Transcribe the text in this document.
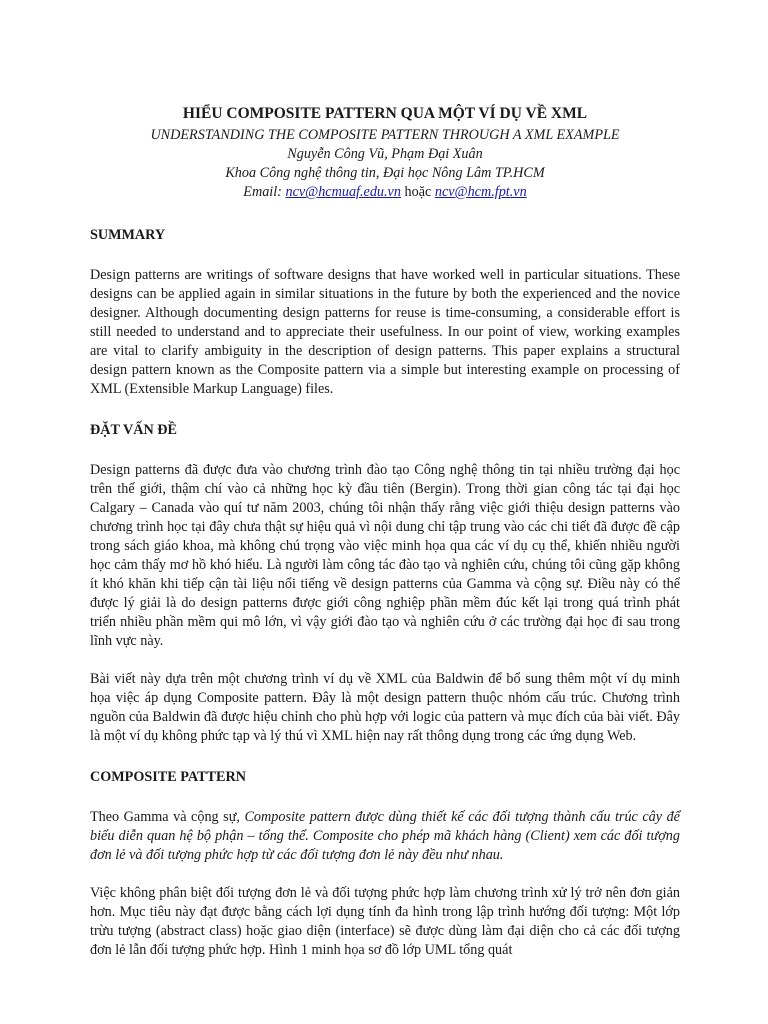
HIỂU COMPOSITE PATTERN QUA MỘT VÍ DỤ VỀ XML
UNDERSTANDING THE COMPOSITE PATTERN THROUGH A XML EXAMPLE
Nguyễn Công Vũ, Phạm Đại Xuân
Khoa Công nghệ thông tin, Đại học Nông Lâm TP.HCM
Email: ncv@hcmuaf.edu.vn hoặc ncv@hcm.fpt.vn
SUMMARY

Design patterns are writings of software designs that have worked well in particular situations. These designs can be applied again in similar situations in the future by both the experienced and the novice designer. Although documenting design patterns for reuse is time-consuming, a considerable effort is still needed to understand and to appreciate their usefulness. In our point of view, working examples are vital to clarify ambiguity in the description of design patterns. This paper explains a structural design pattern known as the Composite pattern via a simple but interesting example on processing of XML (Extensible Markup Language) files.

ĐẶT VẤN ĐỀ

Design patterns đã được đưa vào chương trình đào tạo Công nghệ thông tin tại nhiều trường đại học trên thế giới, thậm chí vào cả những học kỳ đầu tiên (Bergin). Trong thời gian công tác tại đại học Calgary – Canada vào quí tư năm 2003, chúng tôi nhận thấy rằng việc giới thiệu design patterns vào chương trình học tại đây chưa thật sự hiệu quả vì nội dung chỉ tập trung vào các chi tiết đã được đề cập trong sách giáo khoa, mà không chú trọng vào việc minh họa qua các ví dụ cụ thể, khiến nhiều người học cảm thấy mơ hồ khó hiểu. Là người làm công tác đào tạo và nghiên cứu, chúng tôi cũng gặp không ít khó khăn khi tiếp cận tài liệu nổi tiếng về design patterns của Gamma và cộng sự. Điều này có thể được lý giải là do design patterns được giới công nghiệp phần mềm đúc kết lại trong quá trình phát triển nhiều phần mềm qui mô lớn, vì vậy giới đào tạo và nghiên cứu ở các trường đại học đi sau trong lĩnh vực này.

Bài viết này dựa trên một chương trình ví dụ về XML của Baldwin để bổ sung thêm một ví dụ minh họa việc áp dụng Composite pattern. Đây là một design pattern thuộc nhóm cấu trúc. Chương trình nguồn của Baldwin đã được hiệu chỉnh cho phù hợp với logic của pattern và mục đích của bài viết. Đây là một ví dụ không phức tạp và lý thú vì XML hiện nay rất thông dụng trong các ứng dụng Web.

COMPOSITE PATTERN

Theo Gamma và cộng sự, Composite pattern được dùng thiết kế các đối tượng thành cấu trúc cây để biểu diễn quan hệ bộ phận – tổng thể. Composite cho phép mã khách hàng (Client) xem các đối tượng đơn lẻ và đối tượng phức hợp từ các đối tượng đơn lẻ này đều như nhau.

Việc không phân biệt đối tượng đơn lẻ và đối tượng phức hợp làm chương trình xử lý trở nên đơn giản hơn. Mục tiêu này đạt được bằng cách lợi dụng tính đa hình trong lập trình hướng đối tượng: Một lớp trừu tượng (abstract class) hoặc giao diện (interface) sẽ được dùng làm đại diện cho cả các đối tượng đơn lẻ lẫn đối tượng phức hợp. Hình 1 minh họa sơ đồ lớp UML tổng quát
